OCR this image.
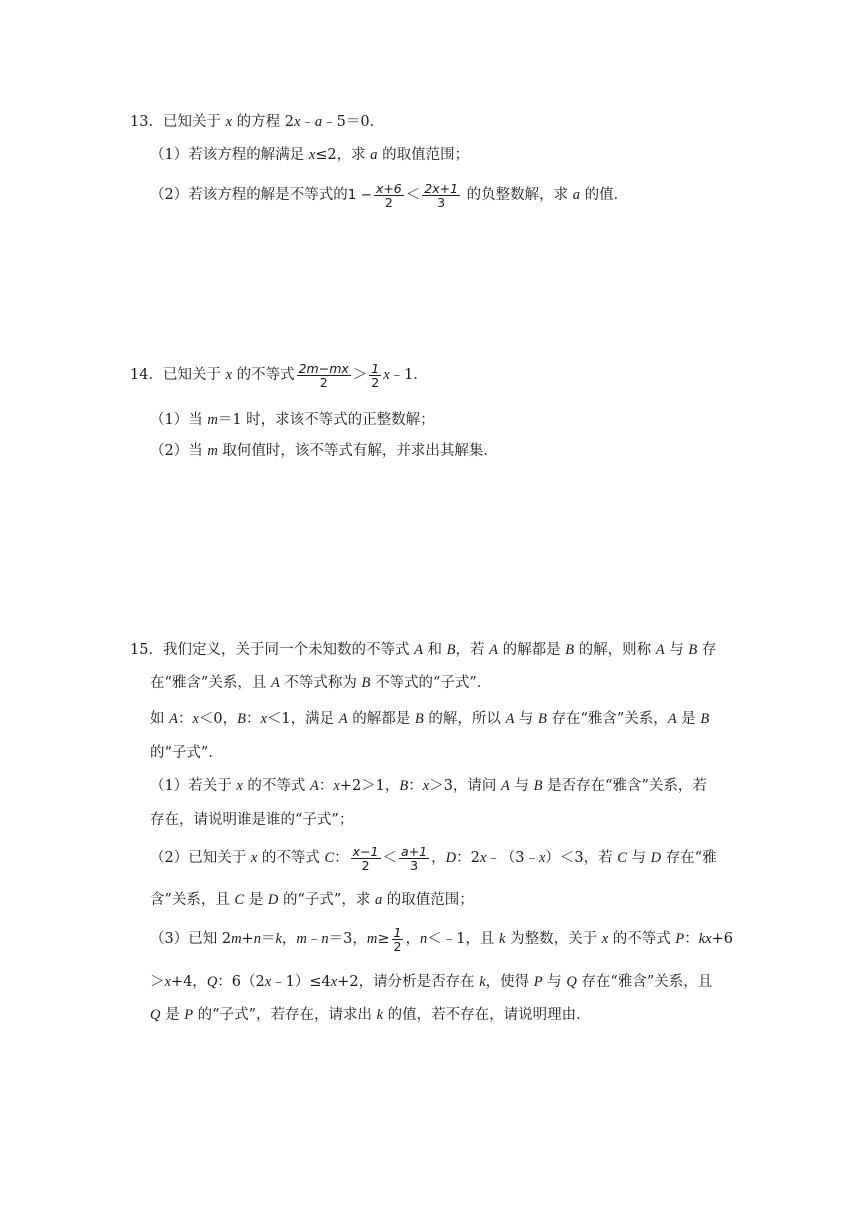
13．已知关于 x 的方程 2x﹣a﹣5＝0．
（1）若该方程的解满足 x≤2，求 a 的取值范围；
（2）若该方程的解是不等式的$1 - \frac{x+6}{2} < \frac{2x+1}{3}$ 的负整数解，求 a 的值．
14．已知关于 x 的不等式 $\frac{2m-mx}{2} > \frac{1}{2}$ x﹣1．
（1）当 m＝1 时，求该不等式的正整数解；
（2）当 m 取何值时，该不等式有解，并求出其解集．
15．我们定义，关于同一个未知数的不等式 A 和 B，若 A 的解都是 B 的解，则称 A 与 B 存
在“雅含”关系，且 A 不等式称为 B 不等式的“子式”．
如 A：x＜0，B：x＜1，满足 A 的解都是 B 的解，所以 A 与 B 存在“雅含”关系，A 是 B
的“子式”．
（1）若关于 x 的不等式 A：x+2＞1，B：x＞3，请问 A 与 B 是否存在“雅含”关系，若
存在，请说明谁是谁的“子式”；
（2）已知关于 x 的不等式 C： $\frac{x-1}{2} < \frac{a+1}{3}$ ，D：2x﹣（3﹣x）＜3，若 C 与 D 存在“雅
含”关系，且 C 是 D 的“子式”，求 a 的取值范围；
（3）已知 2m+n＝k，m﹣n＝3，$m\ge \frac{1}{2}$ ，n＜﹣1，且 k 为整数，关于 x 的不等式 P：kx+6
＞x+4，Q：6（2x﹣1）≤4x+2，请分析是否存在 k，使得 P 与 Q 存在“雅含”关系，且
Q 是 P 的“子式”，若存在，请求出 k 的值，若不存在，请说明理由．
